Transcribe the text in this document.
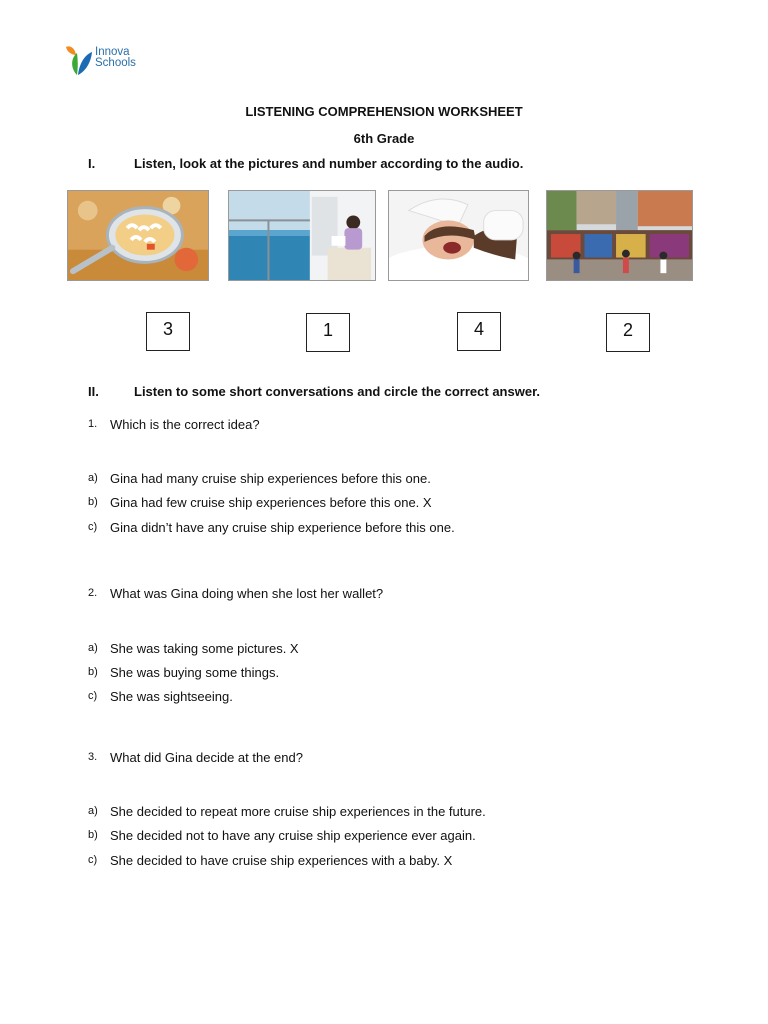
Innova
Schools
LISTENING COMPREHENSION WORKSHEET
6th Grade
I.	Listen, look at the pictures and number according to the audio.
3	1	4	2
II.	Listen to some short conversations and circle the correct answer.
1. Which is the correct idea?
a) Gina had many cruise ship experiences before this one.
b) Gina had few cruise ship experiences before this one. X
c) Gina didn’t have any cruise ship experience before this one.
2. What was Gina doing when she lost her wallet?
a) She was taking some pictures. X
b) She was buying some things.
c) She was sightseeing.
3. What did Gina decide at the end?
a) She decided to repeat more cruise ship experiences in the future.
b) She decided not to have any cruise ship experience ever again.
c) She decided to have cruise ship experiences with a baby. X
